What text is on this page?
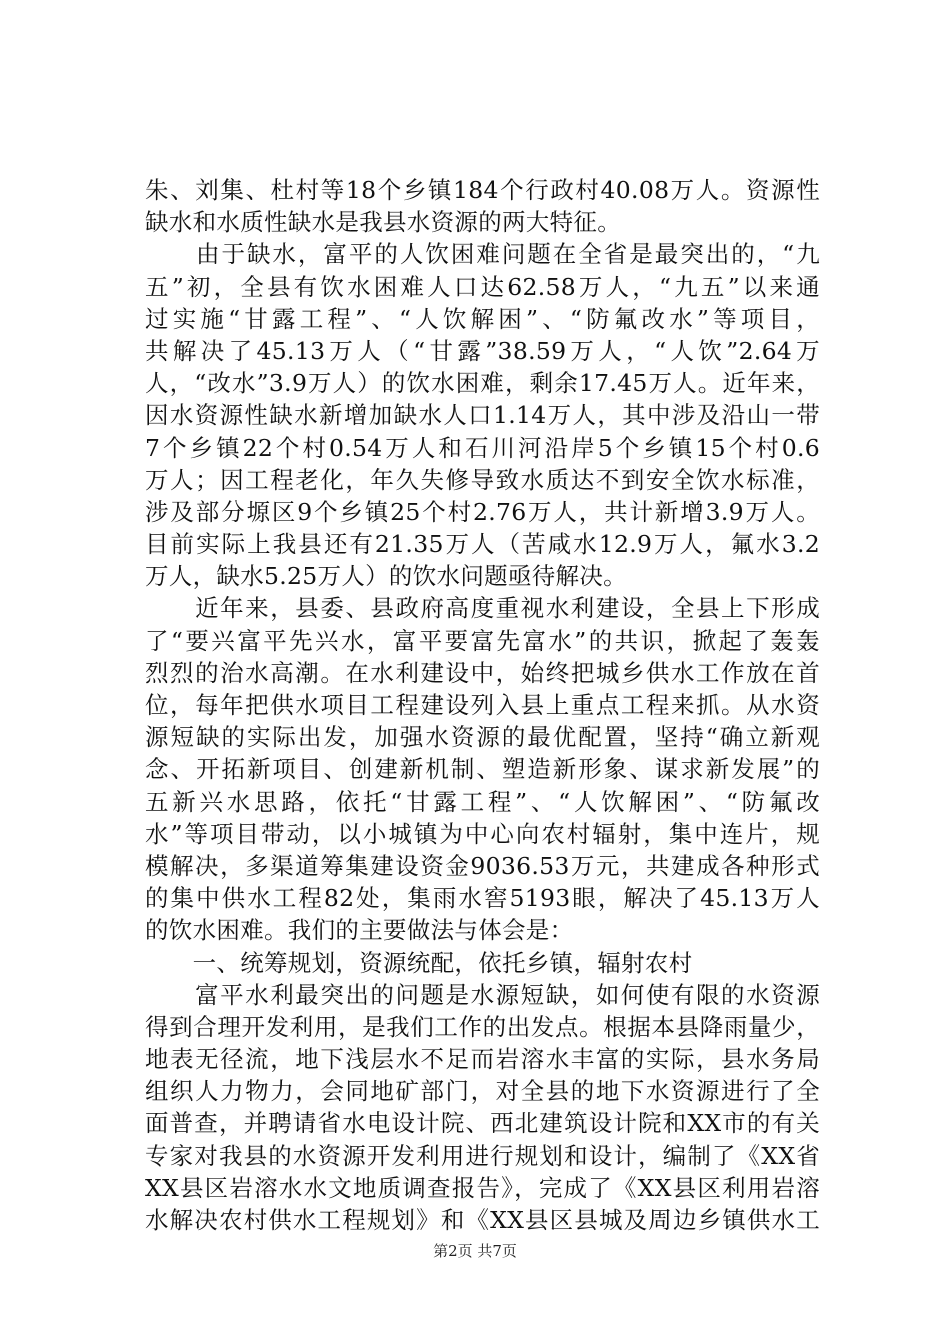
朱、刘集、杜村等18个乡镇184个行政村40.08万人。资源性
缺水和水质性缺水是我县水资源的两大特征。
　　由于缺水，富平的人饮困难问题在全省是最突出的，“九
五”初，全县有饮水困难人口达62.58万人，“九五”以来通
过实施“甘露工程”、“人饮解困”、“防氟改水”等项目，
共解决了45.13万人（“甘露”38.59万人，“人饮”2.64万
人，“改水”3.9万人）的饮水困难，剩余17.45万人。近年来，
因水资源性缺水新增加缺水人口1.14万人，其中涉及沿山一带
7个乡镇22个村0.54万人和石川河沿岸5个乡镇15个村0.6
万人；因工程老化，年久失修导致水质达不到安全饮水标准，
涉及部分塬区9个乡镇25个村2.76万人，共计新增3.9万人。
目前实际上我县还有21.35万人（苦咸水12.9万人，氟水3.2
万人，缺水5.25万人）的饮水问题亟待解决。
　　近年来，县委、县政府高度重视水利建设，全县上下形成
了“要兴富平先兴水，富平要富先富水”的共识，掀起了轰轰
烈烈的治水高潮。在水利建设中，始终把城乡供水工作放在首
位，每年把供水项目工程建设列入县上重点工程来抓。从水资
源短缺的实际出发，加强水资源的最优配置，坚持“确立新观
念、开拓新项目、创建新机制、塑造新形象、谋求新发展”的
五新兴水思路，依托“甘露工程”、“人饮解困”、“防氟改
水”等项目带动，以小城镇为中心向农村辐射，集中连片，规
模解决，多渠道筹集建设资金9036.53万元，共建成各种形式
的集中供水工程82处，集雨水窖5193眼，解决了45.13万人
的饮水困难。我们的主要做法与体会是：
　　一、统筹规划，资源统配，依托乡镇，辐射农村
　　富平水利最突出的问题是水源短缺，如何使有限的水资源
得到合理开发利用，是我们工作的出发点。根据本县降雨量少，
地表无径流，地下浅层水不足而岩溶水丰富的实际，县水务局
组织人力物力，会同地矿部门，对全县的地下水资源进行了全
面普查，并聘请省水电设计院、西北建筑设计院和XX市的有关
专家对我县的水资源开发利用进行规划和设计，编制了《XX省
XX县区岩溶水水文地质调查报告》，完成了《XX县区利用岩溶
水解决农村供水工程规划》和《XX县区县城及周边乡镇供水工
第2页 共7页
